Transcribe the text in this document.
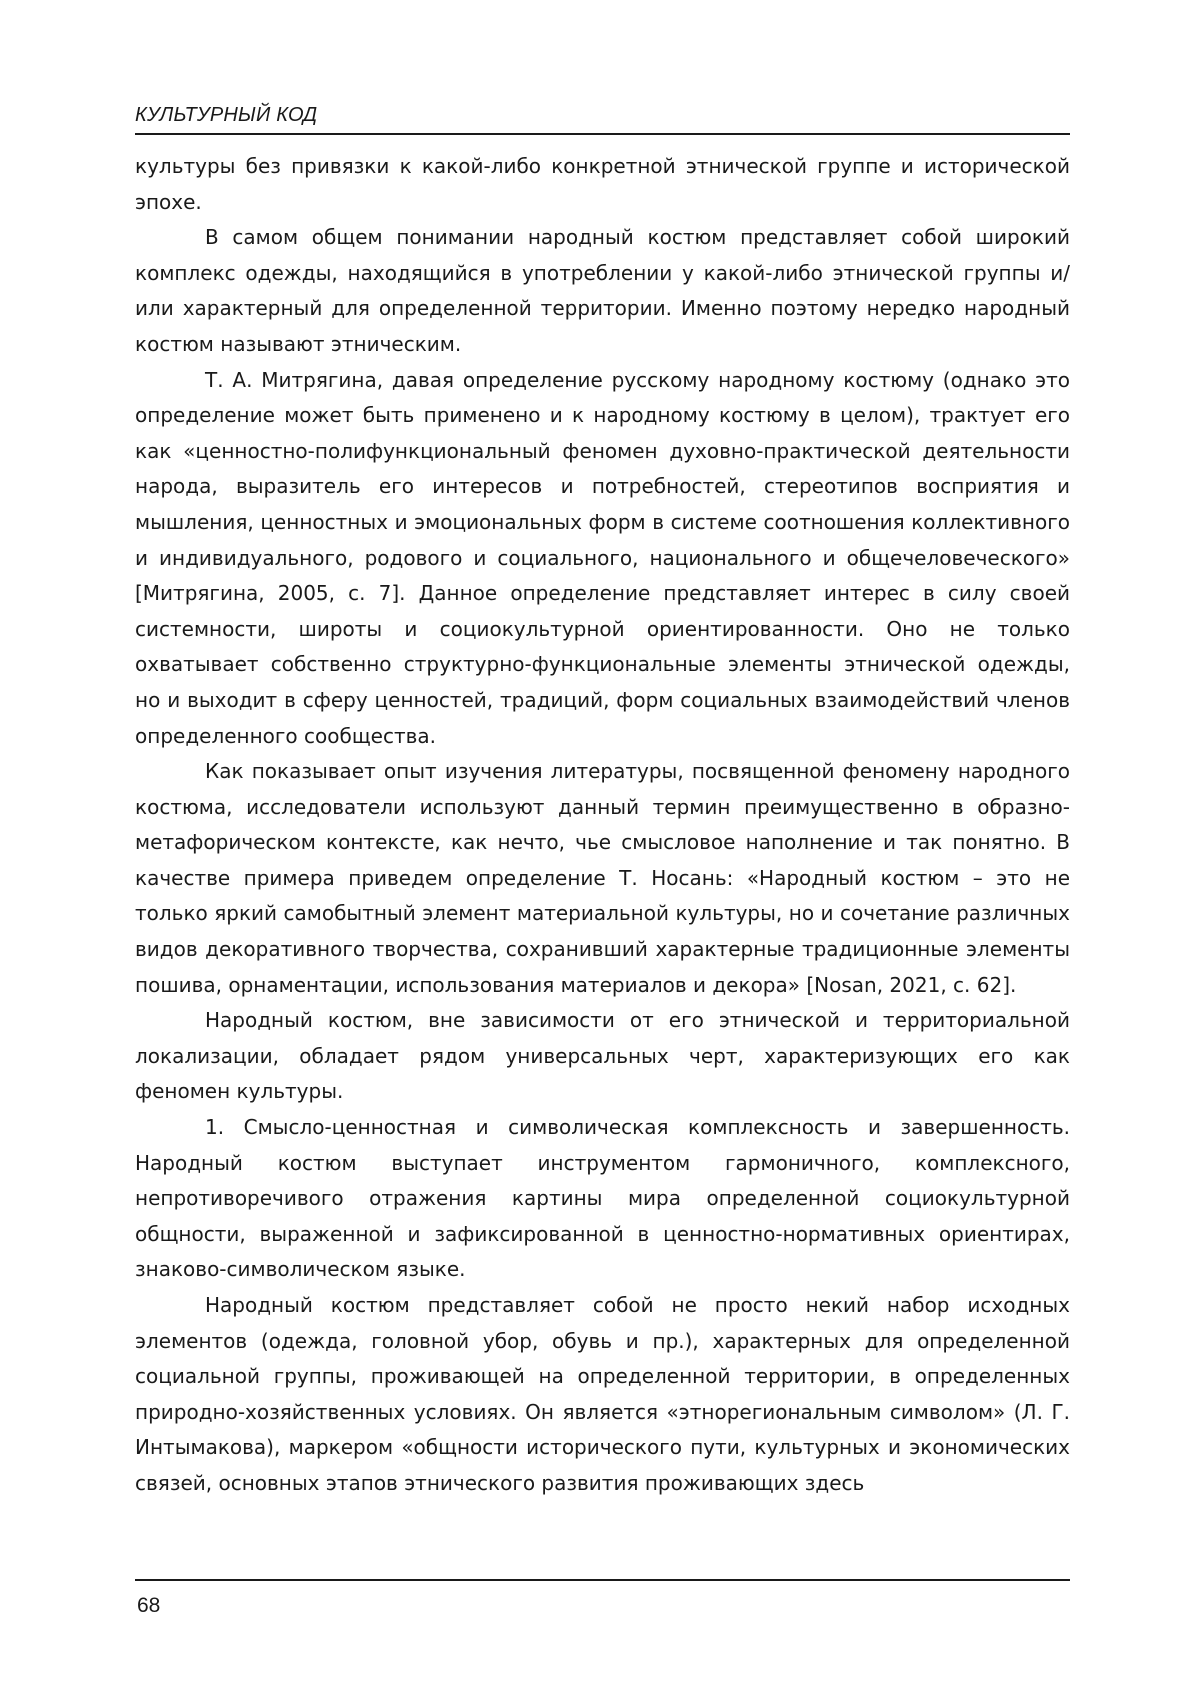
КУЛЬТУРНЫЙ КОД

культуры без привязки к какой-либо конкретной этнической группе и исторической эпохе.

В самом общем понимании народный костюм представляет собой широкий комплекс одежды, находящийся в употреблении у какой-либо этнической группы и/или характерный для определенной территории. Именно поэтому нередко народный костюм называют этническим.

Т. А. Митрягина, давая определение русскому народному костюму (однако это определение может быть применено и к народному костюму в целом), трактует его как «ценностно-полифункциональный феномен духовно-практической деятельности народа, выразитель его интересов и потребностей, стереотипов восприятия и мышления, ценностных и эмоциональных форм в системе соотношения коллективного и индивидуального, родового и социального, национального и общечеловеческого» [Митрягина, 2005, с. 7]. Данное определение представляет интерес в силу своей системности, широты и социокультурной ориентированности. Оно не только охватывает собственно структурно-функциональные элементы этнической одежды, но и выходит в сферу ценностей, традиций, форм социальных взаимодействий членов определенного сообщества.

Как показывает опыт изучения литературы, посвященной феномену народного костюма, исследователи используют данный термин преимущественно в образно-метафорическом контексте, как нечто, чье смысловое наполнение и так понятно. В качестве примера приведем определение Т. Носань: «Народный костюм – это не только яркий самобытный элемент материальной культуры, но и сочетание различных видов декоративного творчества, сохранивший характерные традиционные элементы пошива, орнаментации, использования материалов и декора» [Nosan, 2021, с. 62].

Народный костюм, вне зависимости от его этнической и территориальной локализации, обладает рядом универсальных черт, характеризующих его как феномен культуры.

1. Смысло-ценностная и символическая комплексность и завершенность. Народный костюм выступает инструментом гармоничного, комплексного, непротиворечивого отражения картины мира определенной социокультурной общности, выраженной и зафиксированной в ценностно-нормативных ориентирах, знаково-символическом языке.

Народный костюм представляет собой не просто некий набор исходных элементов (одежда, головной убор, обувь и пр.), характерных для определенной социальной группы, проживающей на определенной территории, в определенных природно-хозяйственных условиях. Он является «этнорегиональным символом» (Л. Г. Интымакова), маркером «общности исторического пути, культурных и экономических связей, основных этапов этнического развития проживающих здесь

68
